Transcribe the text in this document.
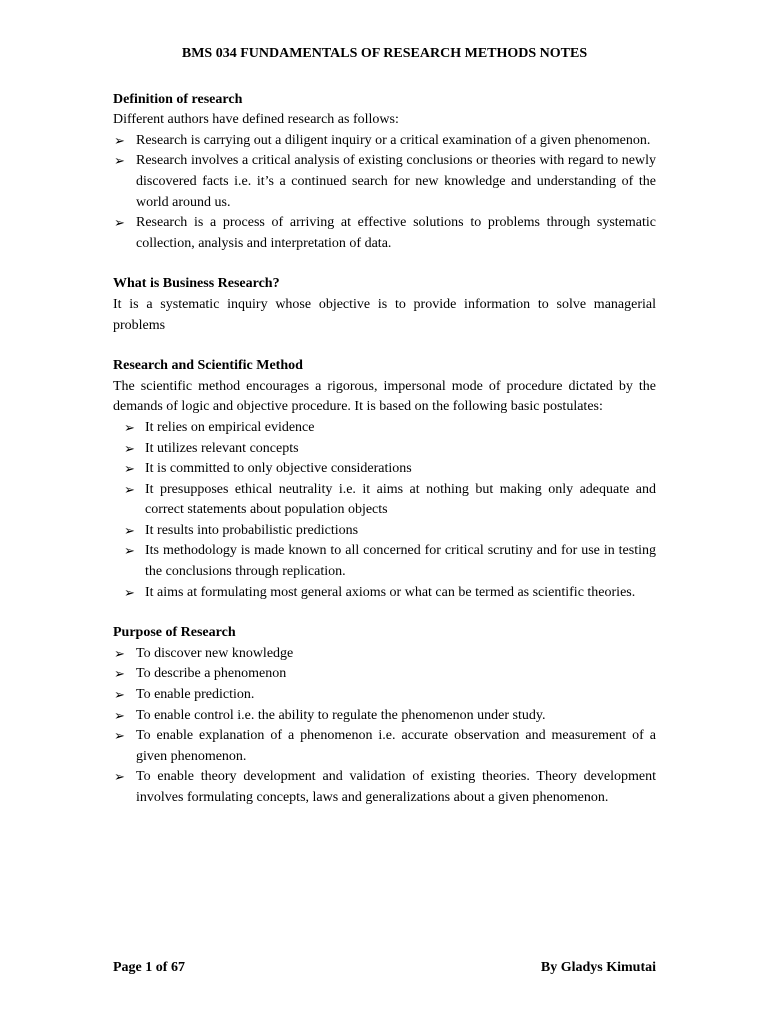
BMS 034 FUNDAMENTALS OF RESEARCH METHODS NOTES
Definition of research

Different authors have defined research as follows:

➢ Research is carrying out a diligent inquiry or a critical examination of a given phenomenon.
➢ Research involves a critical analysis of existing conclusions or theories with regard to newly discovered facts i.e. it’s a continued search for new knowledge and understanding of the world around us.
➢ Research is a process of arriving at effective solutions to problems through systematic collection, analysis and interpretation of data.
What is Business Research?

It is a systematic inquiry whose objective is to provide information to solve managerial problems

Research and Scientific Method

The scientific method encourages a rigorous, impersonal mode of procedure dictated by the demands of logic and objective procedure. It is based on the following basic postulates:

➢ It relies on empirical evidence
➢ It utilizes relevant concepts
➢ It is committed to only objective considerations
➢ It presupposes ethical neutrality i.e. it aims at nothing but making only adequate and correct statements about population objects
➢ It results into probabilistic predictions
➢ Its methodology is made known to all concerned for critical scrutiny and for use in testing the conclusions through replication.
➢ It aims at formulating most general axioms or what can be termed as scientific theories.
Purpose of Research
➢ To discover new knowledge
➢ To describe a phenomenon
➢ To enable prediction.
➢ To enable control i.e. the ability to regulate the phenomenon under study.
➢ To enable explanation of a phenomenon i.e. accurate observation and measurement of a given phenomenon.
➢ To enable theory development and validation of existing theories. Theory development involves formulating concepts, laws and generalizations about a given phenomenon.
Page 1 of 67	By Gladys Kimutai
